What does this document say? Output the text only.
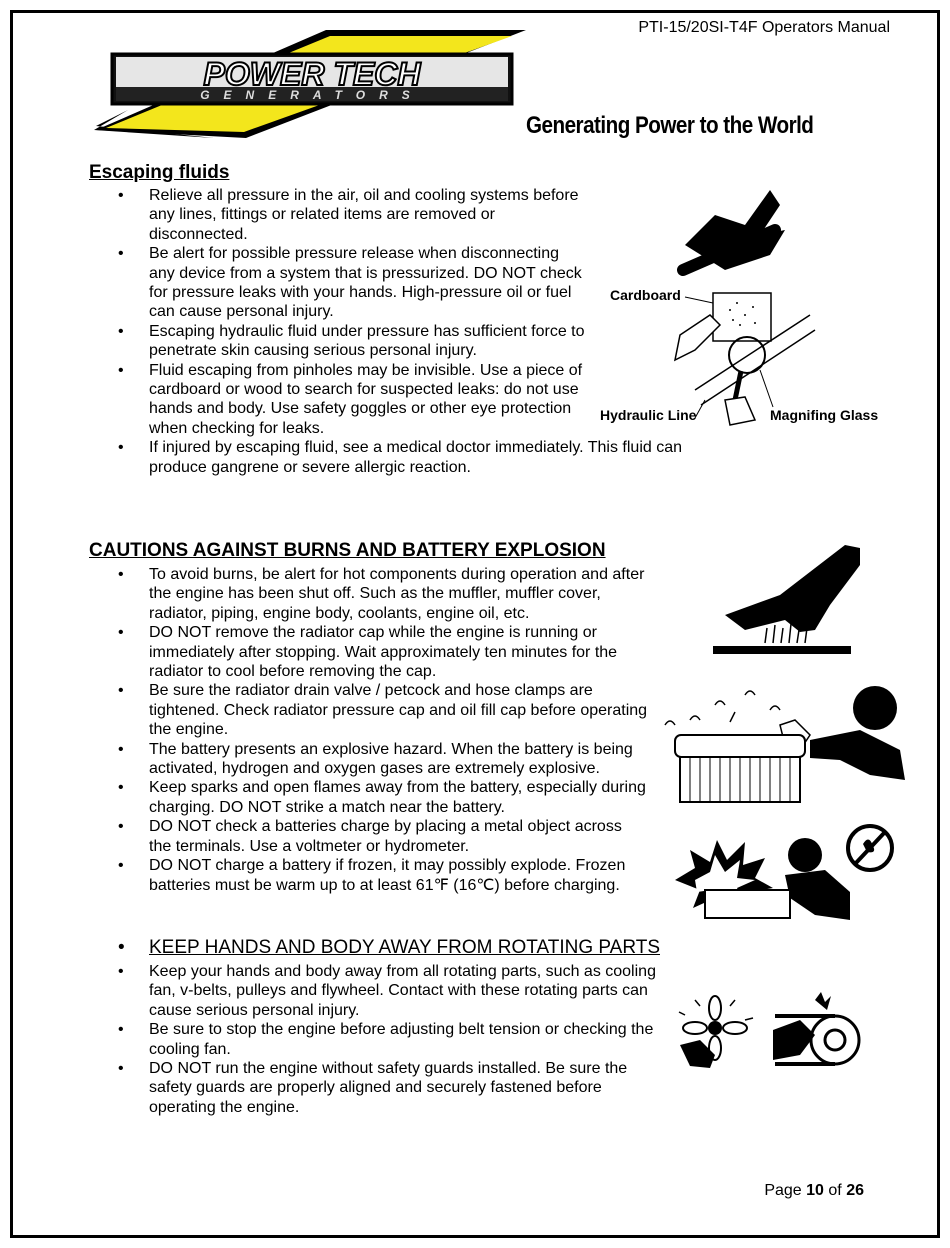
PTI-15/20SI-T4F Operators Manual
POWER TECH
GENERATORS
Generating Power to the World
Escaping fluids
• Relieve all pressure in the air, oil and cooling systems before any lines, fittings or related items are removed or disconnected.
• Be alert for possible pressure release when disconnecting any device from a system that is pressurized. DO NOT check for pressure leaks with your hands. High-pressure oil or fuel can cause personal injury.
• Escaping hydraulic fluid under pressure has sufficient force to penetrate skin causing serious personal injury.
• Fluid escaping from pinholes may be invisible. Use a piece of cardboard or wood to search for suspected leaks: do not use hands and body. Use safety goggles or other eye protection when checking for leaks.
• If injured by escaping fluid, see a medical doctor immediately. This fluid can produce gangrene or severe allergic reaction.
Cardboard
Hydraulic Line	Magnifing Glass
CAUTIONS AGAINST BURNS AND BATTERY EXPLOSION
• To avoid burns, be alert for hot components during operation and after the engine has been shut off. Such as the muffler, muffler cover, radiator, piping, engine body, coolants, engine oil, etc.
• DO NOT remove the radiator cap while the engine is running or immediately after stopping. Wait approximately ten minutes for the radiator to cool before removing the cap.
• Be sure the radiator drain valve / petcock and hose clamps are tightened. Check radiator pressure cap and oil fill cap before operating the engine.
• The battery presents an explosive hazard. When the battery is being activated, hydrogen and oxygen gases are extremely explosive.
• Keep sparks and open flames away from the battery, especially during charging. DO NOT strike a match near the battery.
• DO NOT check a batteries charge by placing a metal object across the terminals. Use a voltmeter or hydrometer.
• DO NOT charge a battery if frozen, it may possibly explode. Frozen batteries must be warm up to at least 61℉ (16℃) before charging.
• KEEP HANDS AND BODY AWAY FROM ROTATING PARTS
• Keep your hands and body away from all rotating parts, such as cooling fan, v-belts, pulleys and flywheel. Contact with these rotating parts can cause serious personal injury.
• Be sure to stop the engine before adjusting belt tension or checking the cooling fan.
• DO NOT run the engine without safety guards installed. Be sure the safety guards are properly aligned and securely fastened before operating the engine.
Page 10 of 26
